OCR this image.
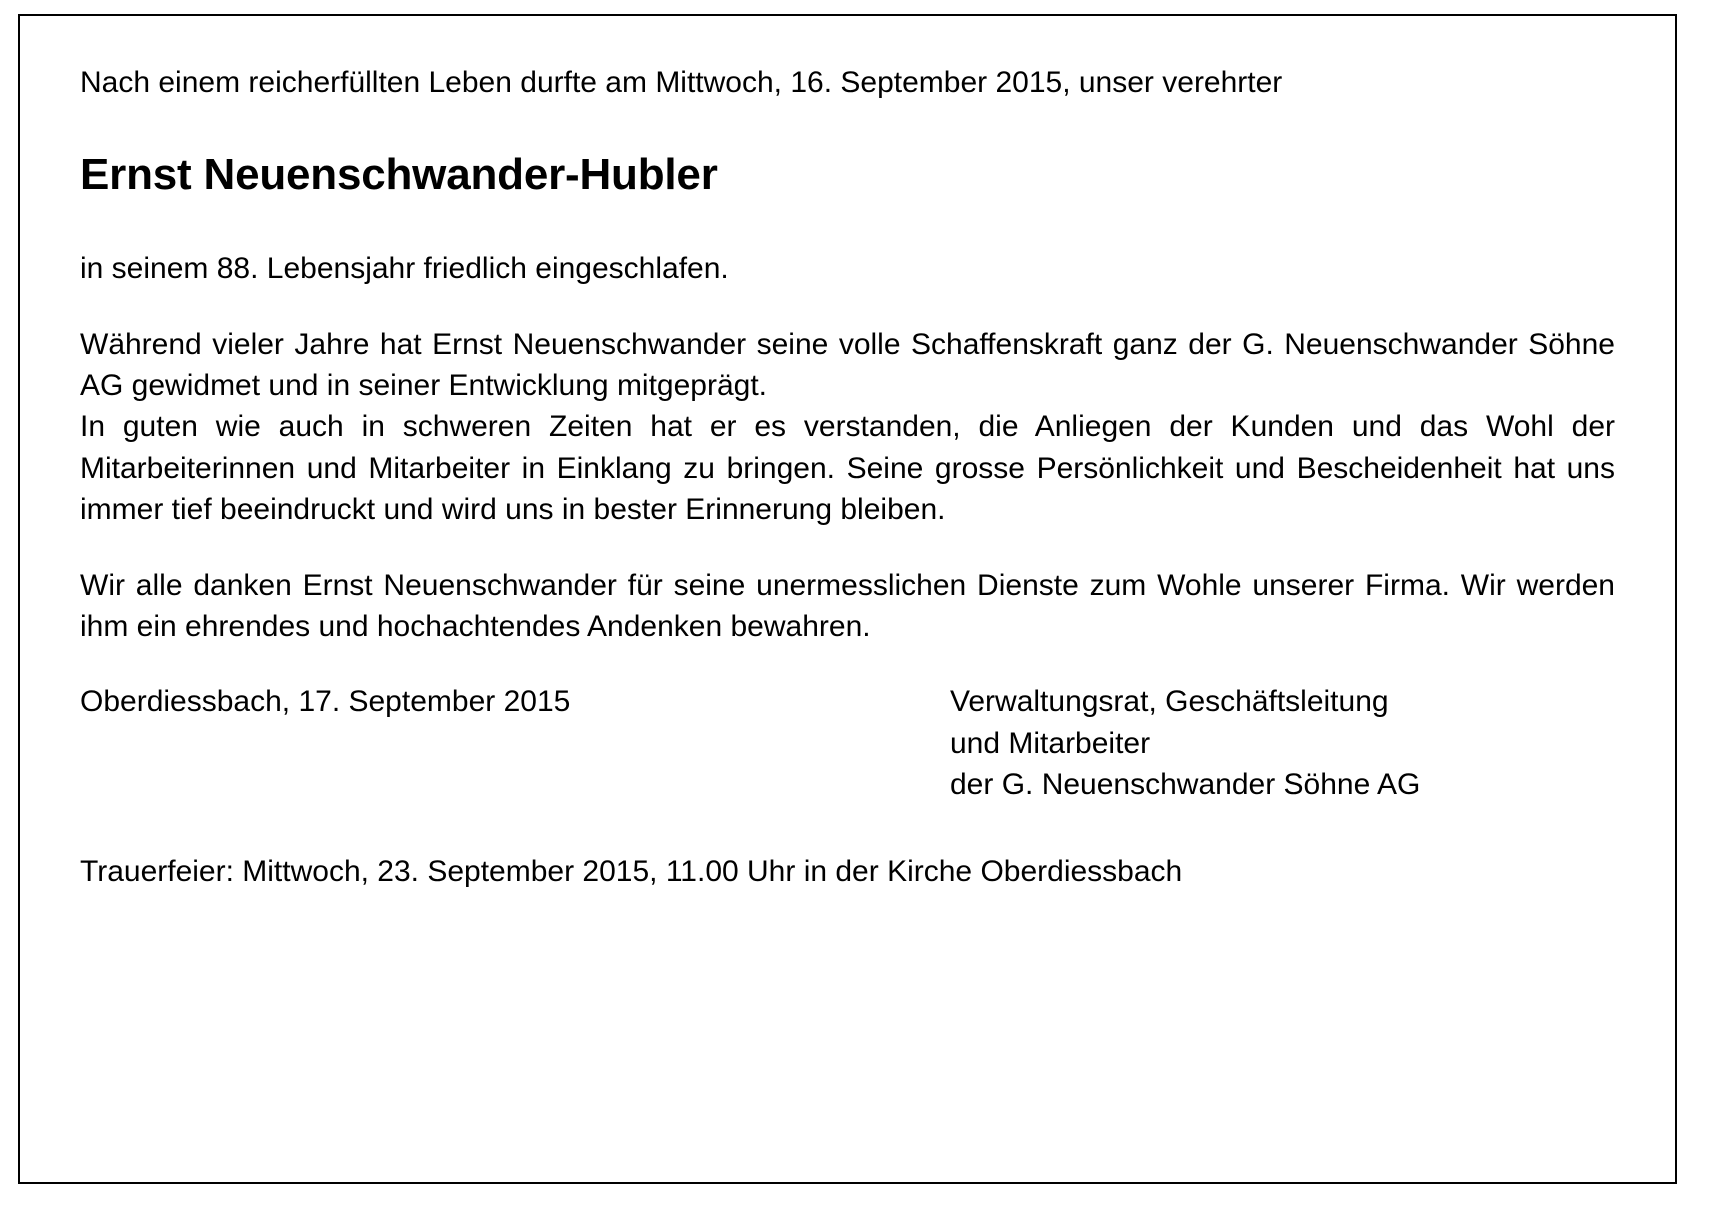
Nach einem reicherfüllten Leben durfte am Mittwoch, 16. September 2015, unser verehrter

Ernst Neuenschwander-Hubler

in seinem 88. Lebensjahr friedlich eingeschlafen.

Während vieler Jahre hat Ernst Neuenschwander seine volle Schaffenskraft ganz der G. Neuenschwander Söhne AG gewidmet und in seiner Entwicklung mitgeprägt.

In guten wie auch in schweren Zeiten hat er es verstanden, die Anliegen der Kunden und das Wohl der Mitarbeiterinnen und Mitarbeiter in Einklang zu bringen. Seine grosse Persönlichkeit und Bescheidenheit hat uns immer tief beeindruckt und wird uns in bester Erinnerung bleiben.

Wir alle danken Ernst Neuenschwander für seine unermesslichen Dienste zum Wohle unserer Firma. Wir werden ihm ein ehrendes und hochachtendes Andenken bewahren.

Oberdiessbach, 17. September 2015	Verwaltungsrat, Geschäftsleitung

und Mitarbeiter

der G. Neuenschwander Söhne AG

Trauerfeier: Mittwoch, 23. September 2015, 11.00 Uhr in der Kirche Oberdiessbach
